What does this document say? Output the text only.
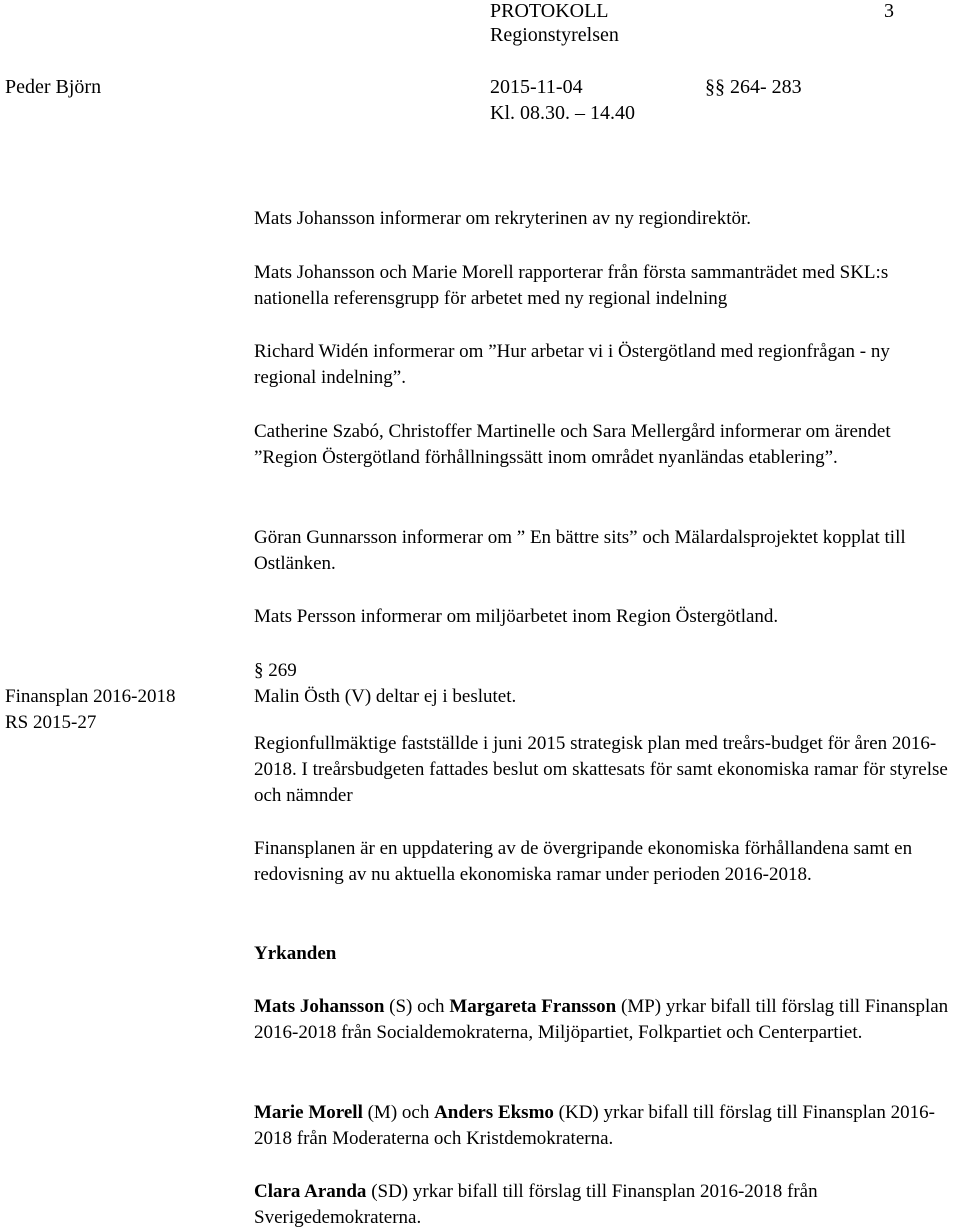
PROTOKOLL	3
Regionstyrelsen
Peder Björn	2015-11-04	§§ 264- 283
Kl. 08.30. – 14.40
Mats Johansson informerar om rekryterinen av ny regiondirektör.
Mats Johansson och Marie Morell rapporterar från första sammanträdet med SKL:s nationella referensgrupp för arbetet med ny regional indelning
Richard Widén informerar om ”Hur arbetar vi i Östergötland med regionfrågan - ny regional indelning”.
Catherine Szabó, Christoffer Martinelle och Sara Mellergård informerar om ärendet ”Region Östergötland förhållningssätt inom området nyanländas etablering”.
Göran Gunnarsson informerar om ” En bättre sits” och Mälardalsprojektet kopplat till Ostlänken.
Mats Persson informerar om miljöarbetet inom Region Östergötland.
Finansplan 2016-2018
RS 2015-27
§ 269
Malin Östh (V) deltar ej i beslutet.
Regionfullmäktige fastställde i juni 2015 strategisk plan med treårs-budget för åren 2016-2018. I treårsbudgeten fattades beslut om skattesats för samt ekonomiska ramar för styrelse och nämnder
Finansplanen är en uppdatering av de övergripande ekonomiska förhållandena samt en redovisning av nu aktuella ekonomiska ramar under perioden 2016-2018.
Yrkanden
Mats Johansson (S) och Margareta Fransson (MP) yrkar bifall till förslag till Finansplan 2016-2018 från Socialdemokraterna, Miljöpartiet, Folkpartiet och Centerpartiet.
Marie Morell (M) och Anders Eksmo (KD) yrkar bifall till förslag till Finansplan 2016-2018 från Moderaterna och Kristdemokraterna.
Clara Aranda (SD) yrkar bifall till förslag till Finansplan 2016-2018 från Sverigedemokraterna.
